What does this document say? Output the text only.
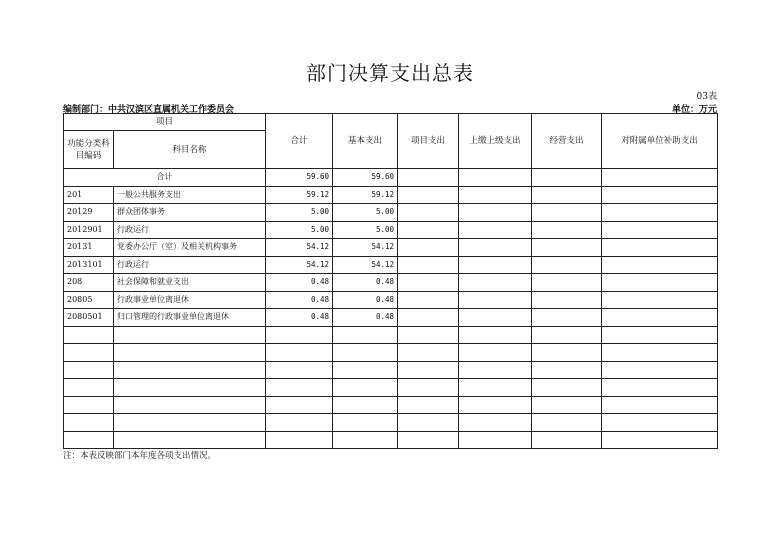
部门决算支出总表
03表
编制部门：中共汉滨区直属机关工作委员会	单位：万元
项目		合计	基本支出	项目支出	上缴上级支出	经营支出	对附属单位补助支出
功能分类科目编码	科目名称						
合计		59.60	59.60				
201	一般公共服务支出	59.12	59.12				
20129	群众团体事务	5.00	5.00				
2012901	行政运行	5.00	5.00				
20131	党委办公厅（室）及相关机构事务	54.12	54.12				
2013101	行政运行	54.12	54.12				
208	社会保障和就业支出	0.48	0.48				
20805	行政事业单位离退休	0.48	0.48				
2080501	归口管理的行政事业单位离退休	0.48	0.48				

注：本表反映部门本年度各项支出情况。
